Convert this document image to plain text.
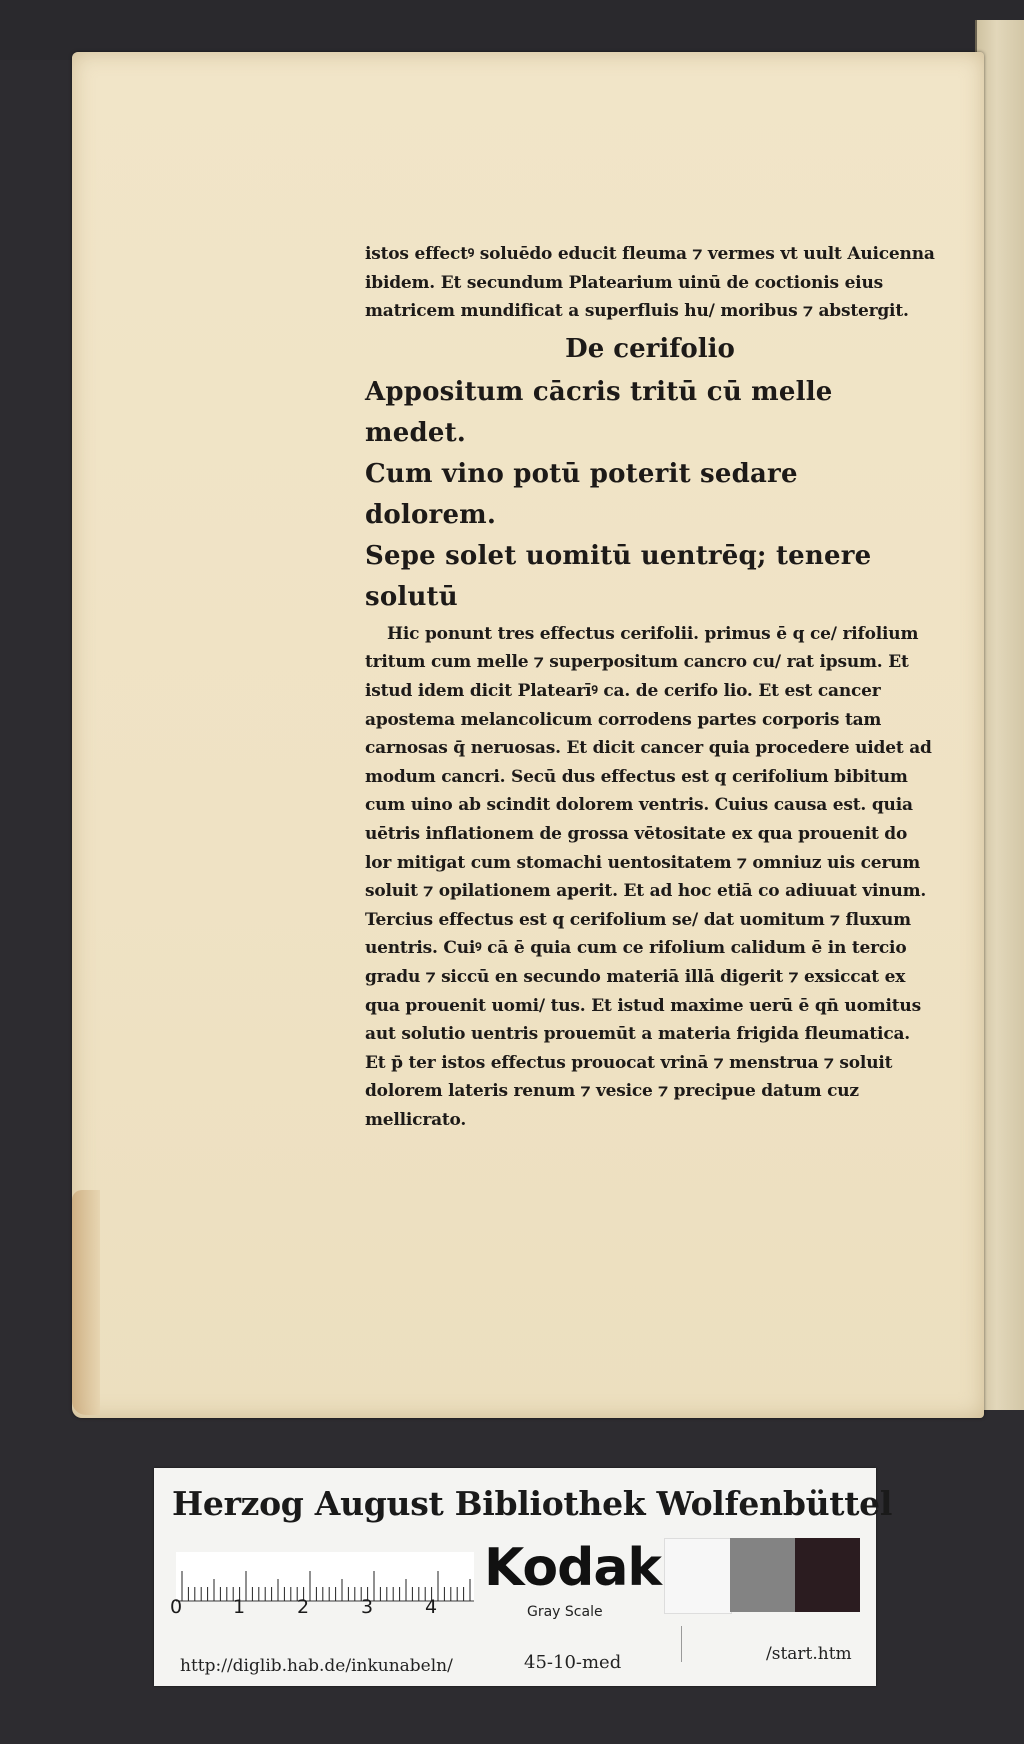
istos effectꝰ soluēdo educit fleuma ⁊ vermes vt uult Auicenna ibidem. Et secundum Platearium uinū de coctionis eius matricem mundificat a superfluis hu/ moribus ⁊ abstergit.

De cerifolio

Appositum cācris tritū cū melle medet.

Cum vino potū poterit sedare dolorem.

Sepe solet uomitū uentrēq; tenere solutū

Hic ponunt tres effectus cerifolii. primus ē q ce/ rifolium tritum cum melle ⁊ superpositum cancro cu/ rat ipsum. Et istud idem dicit Platearīꝰ ca. de cerifo lio. Et est cancer apostema melancolicum corrodens partes corporis tam carnosas q̄ neruosas. Et dicit cancer quia procedere uidet ad modum cancri. Secū dus effectus est q cerifolium bibitum cum uino ab scindit dolorem ventris. Cuius causa est. quia uētris inflationem de grossa vētositate ex qua prouenit do lor mitigat cum stomachi uentositatem ⁊ omniuz uis cerum soluit ⁊ opilationem aperit. Et ad hoc etiā co adiuuat vinum. Tercius effectus est q cerifolium se/ dat uomitum ⁊ fluxum uentris. Cuiꝰ cā ē quia cum ce rifolium calidum ē in tercio gradu ⁊ siccū en secundo materiā illā digerit ⁊ exsiccat ex qua prouenit uomi/ tus. Et istud maxime uerū ē qn̄ uomitus aut solutio uentris prouemūt a materia frigida fleumatica. Et p̄ ter istos effectus prouocat vrinā ⁊ menstrua ⁊ soluit dolorem lateris renum ⁊ vesice ⁊ precipue datum cuz mellicrato.

Herzog August Bibliothek Wolfenbüttel
0	1	2	3	4
Kodak
Gray Scale
http://diglib.hab.de/inkunabeln/	45-10-med	/start.htm
